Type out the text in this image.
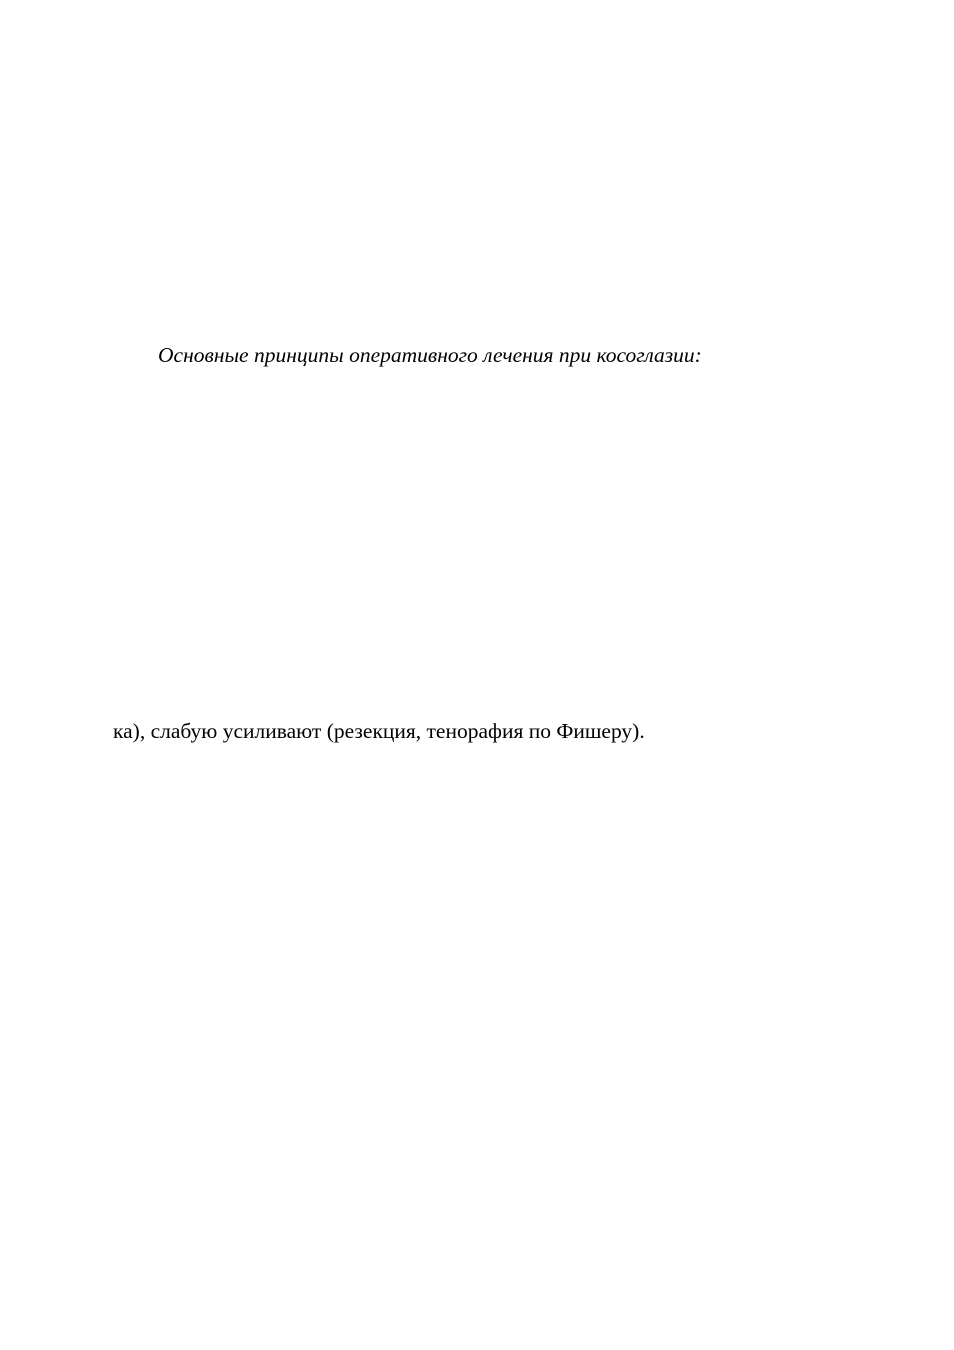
Основные принципы оперативного лечения при косоглазии:
ка), слабую усиливают (резекция, тенорафия по Фишеру).
